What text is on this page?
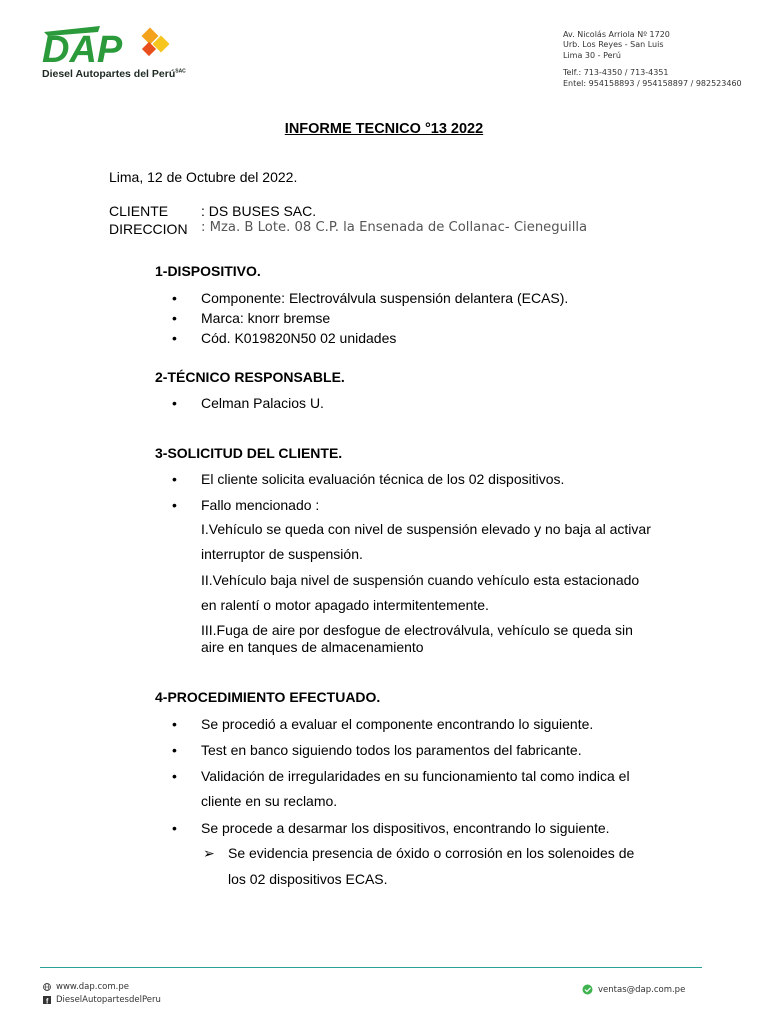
DAP
Diesel Autopartes del Perú$^{SAC}$
Av. Nicolás Arriola Nº 1720
Urb. Los Reyes - San Luis
Lima 30 - Perú
Telf.: 713-4350 / 713-4351
Entel: 954158893 / 954158897 / 982523460
INFORME TECNICO °13 2022
Lima, 12 de Octubre del 2022.
CLIENTE	: DS BUSES SAC.
DIRECCION	: Mza. B Lote. 08 C.P. la Ensenada de Collanac- Cieneguilla
1-DISPOSITIVO.
• Componente: Electroválvula suspensión delantera (ECAS).
• Marca: knorr bremse
• Cód. K019820N50 02 unidades
2-TÉCNICO RESPONSABLE.
• Celman Palacios U.
3-SOLICITUD DEL CLIENTE.
• El cliente solicita evaluación técnica de los 02 dispositivos.
• Fallo mencionado :
I.Vehículo se queda con nivel de suspensión elevado y no baja al activar
interruptor de suspensión.
II.Vehículo baja nivel de suspensión cuando vehículo esta estacionado
en ralentí o motor apagado intermitentemente.
III.Fuga de aire por desfogue de electroválvula, vehículo se queda sin
aire en tanques de almacenamiento
4-PROCEDIMIENTO EFECTUADO.
• Se procedió a evaluar el componente encontrando lo siguiente.
• Test en banco siguiendo todos los paramentos del fabricante.
• Validación de irregularidades en su funcionamiento tal como indica el
cliente en su reclamo.
• Se procede a desarmar los dispositivos, encontrando lo siguiente.
➢ Se evidencia presencia de óxido o corrosión en los solenoides de
los 02 dispositivos ECAS.
www.dap.com.pe
f DieselAutopartesdelPeru
ventas@dap.com.pe
